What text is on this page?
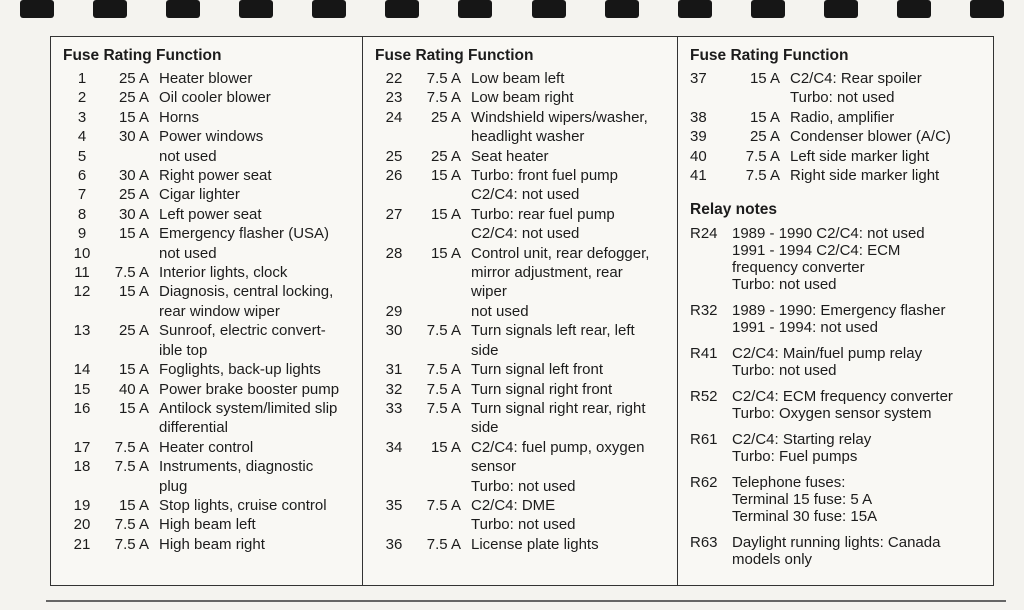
Fuse Rating Function
1	25 A Heater blower
2	25 A Oil cooler blower
3	15 A Horns
4	30 A Power windows
5	not used
6	30 A Right power seat
7	25 A Cigar lighter
8	30 A Left power seat
9	15 A Emergency flasher (USA)
10	not used
11	7.5 A Interior lights, clock
12	15 A Diagnosis, central locking,
rear window wiper
13	25 A Sunroof, electric convert-
ible top
14	15 A Foglights, back-up lights
15	40 A Power brake booster pump
16	15 A Antilock system/limited slip
differential
17	7.5 A Heater control
18	7.5 A Instruments, diagnostic
plug
19	15 A Stop lights, cruise control
20	7.5 A High beam left
21	7.5 A High beam right
Fuse Rating Function
22	7.5 A Low beam left
23	7.5 A Low beam right
24	25 A Windshield wipers/washer,
headlight washer
25	25 A Seat heater
26	15 A Turbo: front fuel pump
C2/C4: not used
27	15 A Turbo: rear fuel pump
C2/C4: not used
28	15 A Control unit, rear defogger,
mirror adjustment, rear
wiper
29	not used
30	7.5 A Turn signals left rear, left
side
31	7.5 A Turn signal left front
32	7.5 A Turn signal right front
33	7.5 A Turn signal right rear, right
side
34	15 A C2/C4: fuel pump, oxygen
sensor
Turbo: not used
35	7.5 A C2/C4: DME
Turbo: not used
36	7.5 A License plate lights
Fuse Rating Function
37	15 A C2/C4: Rear spoiler
Turbo: not used
38	15 A Radio, amplifier
39	25 A Condenser blower (A/C)
40	7.5 A Left side marker light
41	7.5 A Right side marker light
Relay notes
R24 1989 - 1990 C2/C4: not used
1991 - 1994 C2/C4: ECM
frequency converter
Turbo: not used
R32 1989 - 1990: Emergency flasher
1991 - 1994: not used
R41 C2/C4: Main/fuel pump relay
Turbo: not used
R52 C2/C4: ECM frequency converter
Turbo: Oxygen sensor system
R61 C2/C4: Starting relay
Turbo: Fuel pumps
R62 Telephone fuses:
Terminal 15 fuse: 5 A
Terminal 30 fuse: 15A
R63 Daylight running lights: Canada
models only
